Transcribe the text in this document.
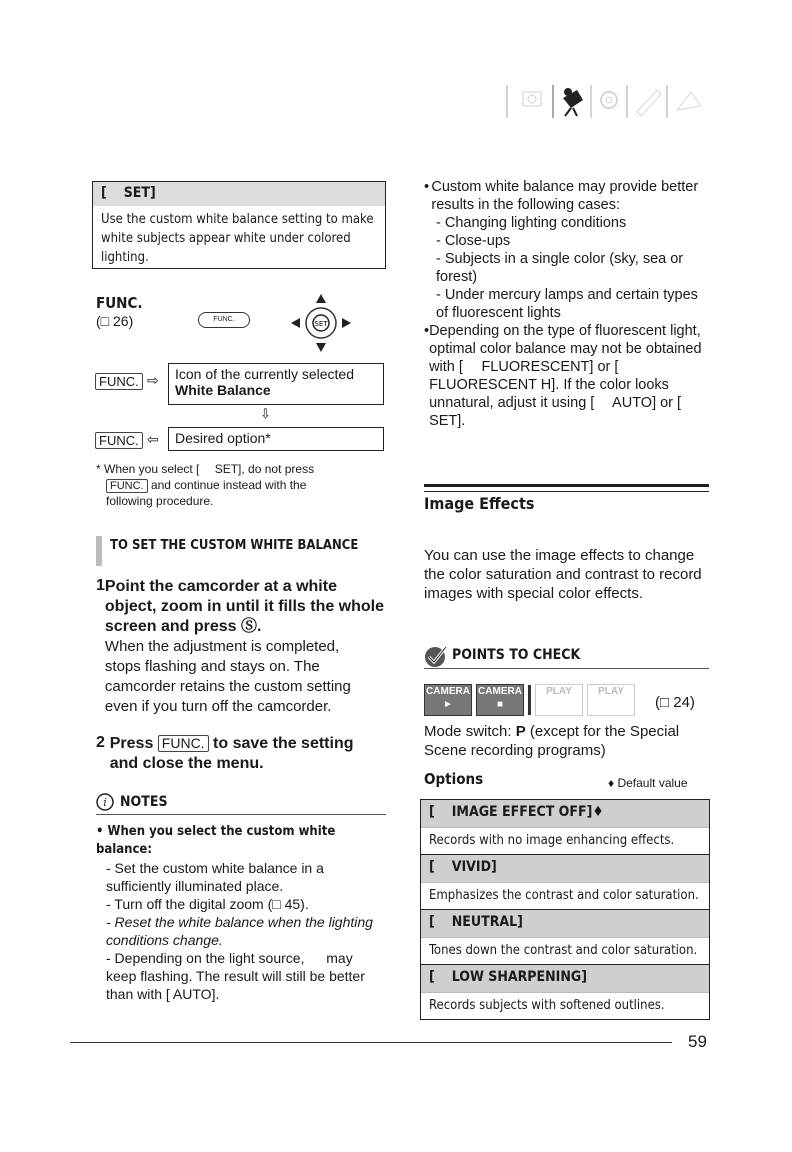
[  SET]
Use the custom white balance setting to make white subjects appear white under colored lighting.
FUNC.
(□ 26)	FUNC.
SET
FUNC. ⇨ Icon of the currently selected
White Balance
⇩
FUNC. ⇦	Desired option*
* When you select [  SET], do not press
FUNC. and continue instead with the
following procedure.
TO SET THE CUSTOM WHITE BALANCE
1 Point the camcorder at a white object, zoom in until it fills the whole screen and press Ⓢ.
When the adjustment is completed,   stops flashing and stays on. The camcorder retains the custom setting even if you turn off the camcorder.
2 Press FUNC. to save the setting and close the menu.
i NOTES
• When you select the custom white balance:
- Set the custom white balance in a sufficiently illuminated place.
- Turn off the digital zoom (□ 45).
- Reset the white balance when the lighting conditions change.
- Depending on the light source,   may keep flashing. The result will still be better than with [ AUTO].
• Custom white balance may provide better results in the following cases:
- Changing lighting conditions
- Close-ups
- Subjects in a single color (sky, sea or forest)
- Under mercury lamps and certain types of fluorescent lights
• Depending on the type of fluorescent light, optimal color balance may not be obtained with [  FLUORESCENT] or [  FLUORESCENT H]. If the color looks unnatural, adjust it using [  AUTO] or [  SET].
Image Effects
You can use the image effects to change the color saturation and contrast to record images with special color effects.
POINTS TO CHECK
CAMERA
►
CAMERA
■
PLAY	PLAY
(□ 24)
Mode switch: P (except for the Special Scene recording programs)
Options	♦ Default value
[  IMAGE EFFECT OFF]♦
Records with no image enhancing effects.
[  VIVID]
Emphasizes the contrast and color saturation.
[  NEUTRAL]
Tones down the contrast and color saturation.
[  LOW SHARPENING]
Records subjects with softened outlines.
59
